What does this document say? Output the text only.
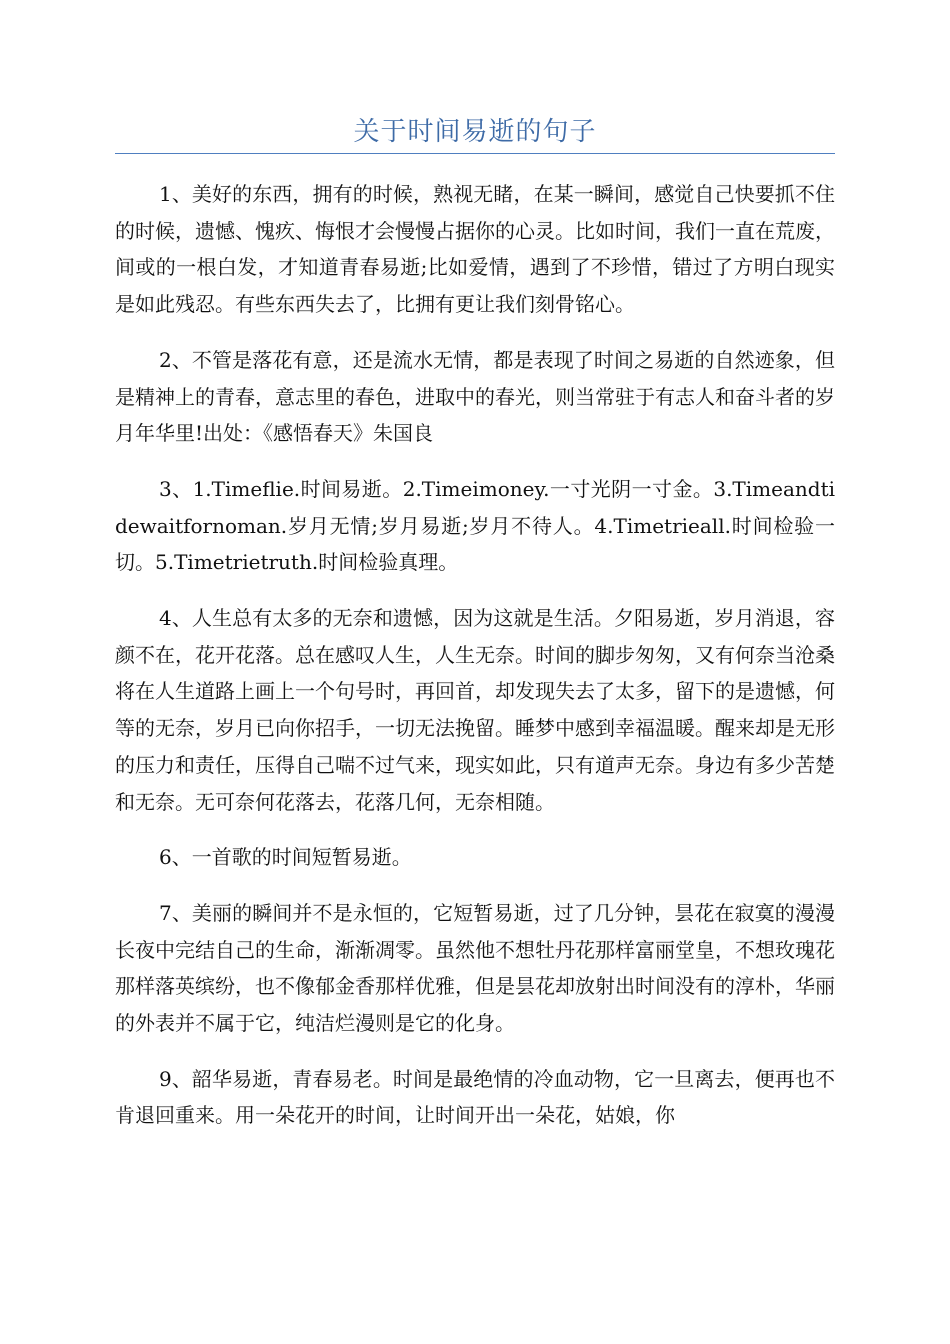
关于时间易逝的句子

1、美好的东西，拥有的时候，熟视无睹，在某一瞬间，感觉自己快要抓不住的时候，遗憾、愧疚、悔恨才会慢慢占据你的心灵。比如时间，我们一直在荒废，间或的一根白发，才知道青春易逝;比如爱情，遇到了不珍惜，错过了方明白现实是如此残忍。有些东西失去了，比拥有更让我们刻骨铭心。

2、不管是落花有意，还是流水无情，都是表现了时间之易逝的自然迹象，但是精神上的青春，意志里的春色，进取中的春光，则当常驻于有志人和奋斗者的岁月年华里!出处：《感悟春天》朱国良

3、1.Timeflie.时间易逝。2.Timeimoney.一寸光阴一寸金。3.Timeandtidewaitfornoman.岁月无情;岁月易逝;岁月不待人。4.Timetrieall.时间检验一切。5.Timetrietruth.时间检验真理。

4、人生总有太多的无奈和遗憾，因为这就是生活。夕阳易逝，岁月消退，容颜不在，花开花落。总在感叹人生，人生无奈。时间的脚步匆匆，又有何奈当沧桑将在人生道路上画上一个句号时，再回首，却发现失去了太多，留下的是遗憾，何等的无奈，岁月已向你招手，一切无法挽留。睡梦中感到幸福温暖。醒来却是无形的压力和责任，压得自己喘不过气来，现实如此，只有道声无奈。身边有多少苦楚和无奈。无可奈何花落去，花落几何，无奈相随。

6、一首歌的时间短暂易逝。

7、美丽的瞬间并不是永恒的，它短暂易逝，过了几分钟，昙花在寂寞的漫漫长夜中完结自己的生命，渐渐凋零。虽然他不想牡丹花那样富丽堂皇，不想玫瑰花那样落英缤纷，也不像郁金香那样优雅，但是昙花却放射出时间没有的淳朴，华丽的外表并不属于它，纯洁烂漫则是它的化身。

9、韶华易逝，青春易老。时间是最绝情的冷血动物，它一旦离去，便再也不肯退回重来。用一朵花开的时间，让时间开出一朵花，姑娘，你
